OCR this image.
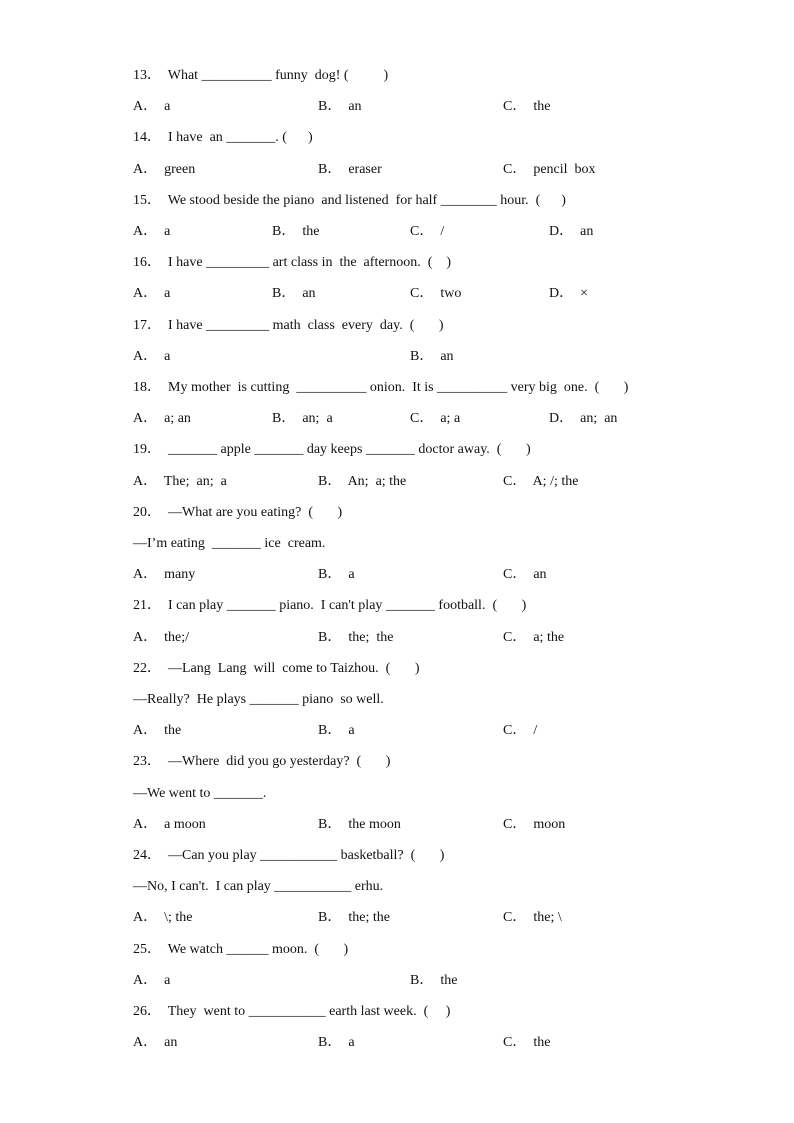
13．  What __________ funny  dog! (          )
A．  a	B．  an	C．  the
14．  I have  an _______. (      )
A．  green	B．  eraser	C．  pencil  box
15．  We stood beside the piano  and listened  for half ________ hour.  (      )
A．  a	B．  the	C．  /	D．  an
16．  I have _________ art class in  the  afternoon.  (    )
A．  a	B．  an	C．  two	D．  ×
17．  I have _________ math  class  every  day.  (       )
A．  a	B．  an
18．  My mother  is cutting  __________ onion.  It is __________ very big  one.  (       )
A．  a; an	B．  an;  a	C．  a; a	D．  an;  an
19．  _______ apple _______ day keeps _______ doctor away.  (       )
A．  The;  an;  a	B．  An;  a; the	C．  A; /; the
20．  —What are you eating?  (       )
—I’m eating  _______ ice  cream.
A．  many	B．  a	C．  an
21．  I can play _______ piano.  I can't play _______ football.  (       )
A．  the;/	B．  the;  the	C．  a; the
22．  —Lang  Lang  will  come to Taizhou.  (       )
—Really?  He plays _______ piano  so well.
A．  the	B．  a	C．  /
23．  —Where  did you go yesterday?  (       )
—We went to _______.
A．  a moon	B．  the moon	C．  moon
24．  —Can you play ___________ basketball?  (       )
—No, I can't.  I can play ___________ erhu.
A．  \; the	B．  the; the	C．  the; \
25．  We watch ______ moon.  (       )
A．  a	B．  the
26．  They  went to ___________ earth last week.  (     )
A．  an	B．  a	C．  the
